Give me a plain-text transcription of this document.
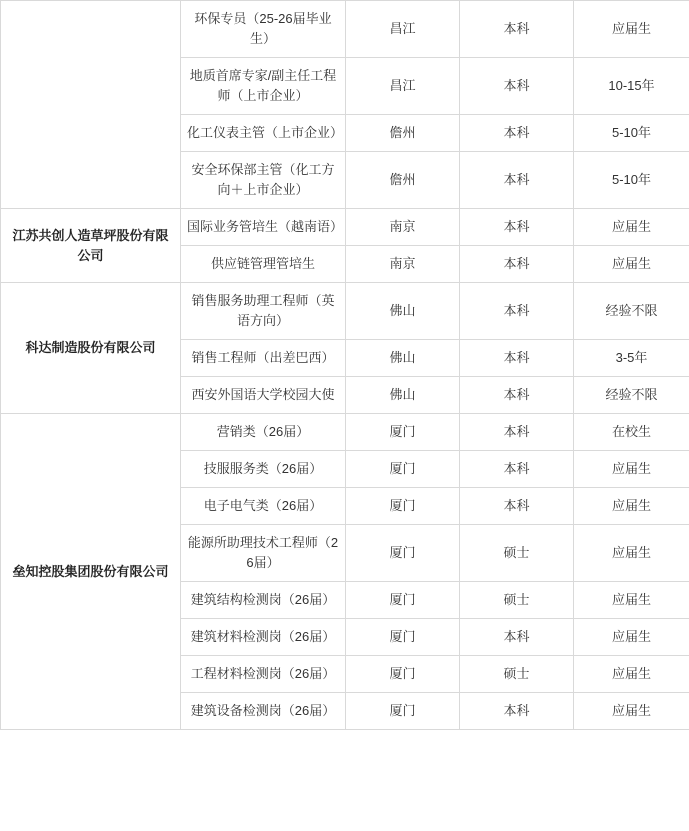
	环保专员（25-26届毕业生）	昌江	本科	应届生
	地质首席专家/副主任工程师（上市企业）	昌江	本科	10-15年
	化工仪表主管（上市企业）	儋州	本科	5-10年
	安全环保部主管（化工方向＋上市企业）	儋州	本科	5-10年
江苏共创人造草坪股份有限公司	国际业务管培生（越南语）	南京	本科	应届生
	供应链管理管培生	南京	本科	应届生
科达制造股份有限公司	销售服务助理工程师（英语方向）	佛山	本科	经验不限
	销售工程师（出差巴西）	佛山	本科	3-5年
	西安外国语大学校园大使	佛山	本科	经验不限
垒知控股集团股份有限公司	营销类（26届）	厦门	本科	在校生
	技服服务类（26届）	厦门	本科	应届生
	电子电气类（26届）	厦门	本科	应届生
	能源所助理技术工程师（26届）	厦门	硕士	应届生
	建筑结构检测岗（26届）	厦门	硕士	应届生
	建筑材料检测岗（26届）	厦门	本科	应届生
	工程材料检测岗（26届）	厦门	硕士	应届生
	建筑设备检测岗（26届）	厦门	本科	应届生
